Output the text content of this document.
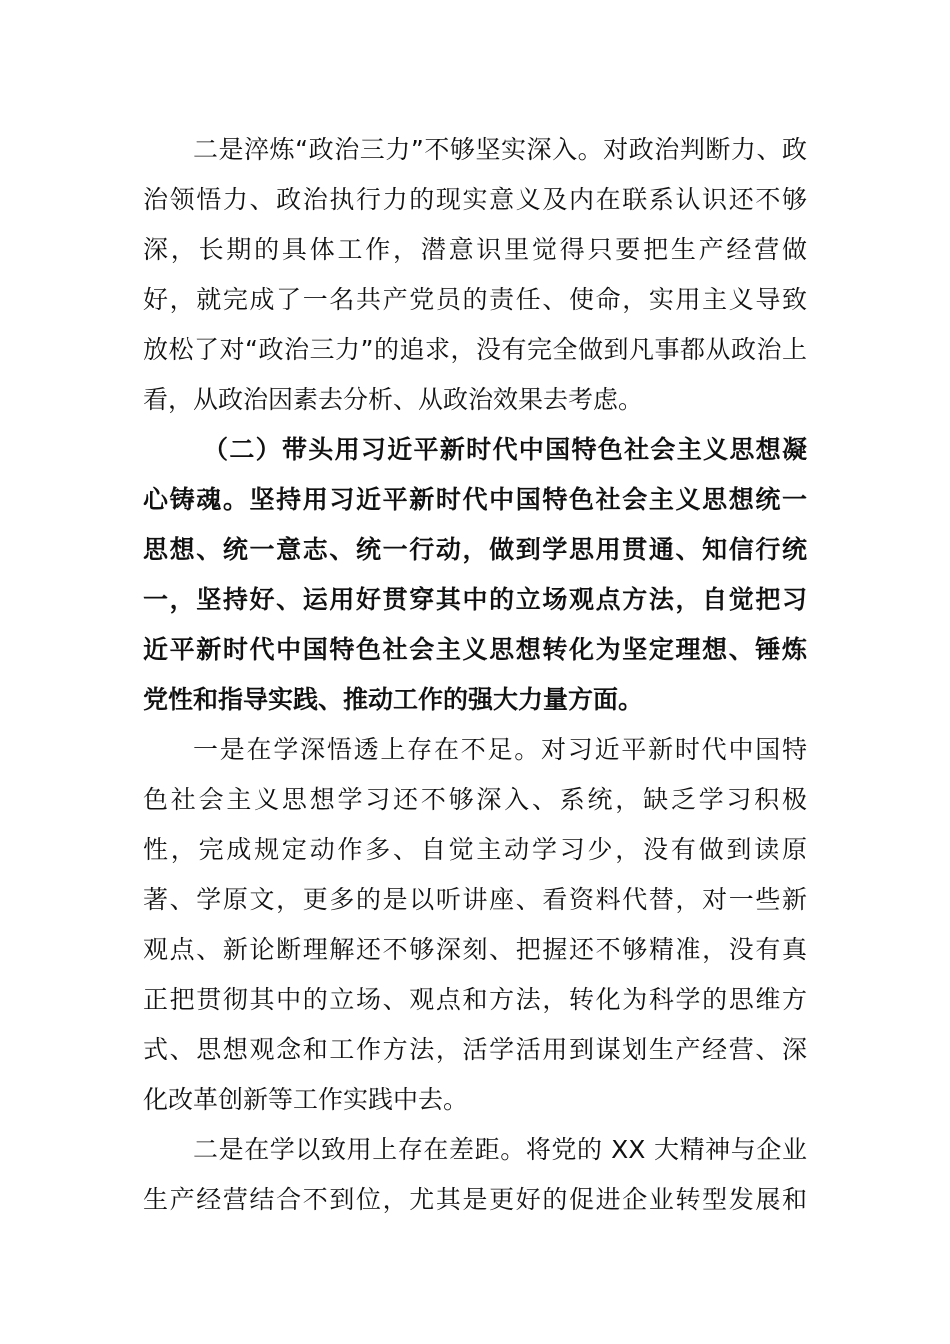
二是淬炼“政治三力”不够坚实深入。对政治判断力、政
治领悟力、政治执行力的现实意义及内在联系认识还不够
深，长期的具体工作，潜意识里觉得只要把生产经营做
好，就完成了一名共产党员的责任、使命，实用主义导致
放松了对“政治三力”的追求，没有完全做到凡事都从政治上
看，从政治因素去分析、从政治效果去考虑。
（二）带头用习近平新时代中国特色社会主义思想凝
心铸魂。坚持用习近平新时代中国特色社会主义思想统一
思想、统一意志、统一行动，做到学思用贯通、知信行统
一，坚持好、运用好贯穿其中的立场观点方法，自觉把习
近平新时代中国特色社会主义思想转化为坚定理想、锤炼
党性和指导实践、推动工作的强大力量方面。
一是在学深悟透上存在不足。对习近平新时代中国特
色社会主义思想学习还不够深入、系统，缺乏学习积极
性，完成规定动作多、自觉主动学习少，没有做到读原
著、学原文，更多的是以听讲座、看资料代替，对一些新
观点、新论断理解还不够深刻、把握还不够精准，没有真
正把贯彻其中的立场、观点和方法，转化为科学的思维方
式、思想观念和工作方法，活学活用到谋划生产经营、深
化改革创新等工作实践中去。
二是在学以致用上存在差距。将党的 XX 大精神与企业
生产经营结合不到位，尤其是更好的促进企业转型发展和
